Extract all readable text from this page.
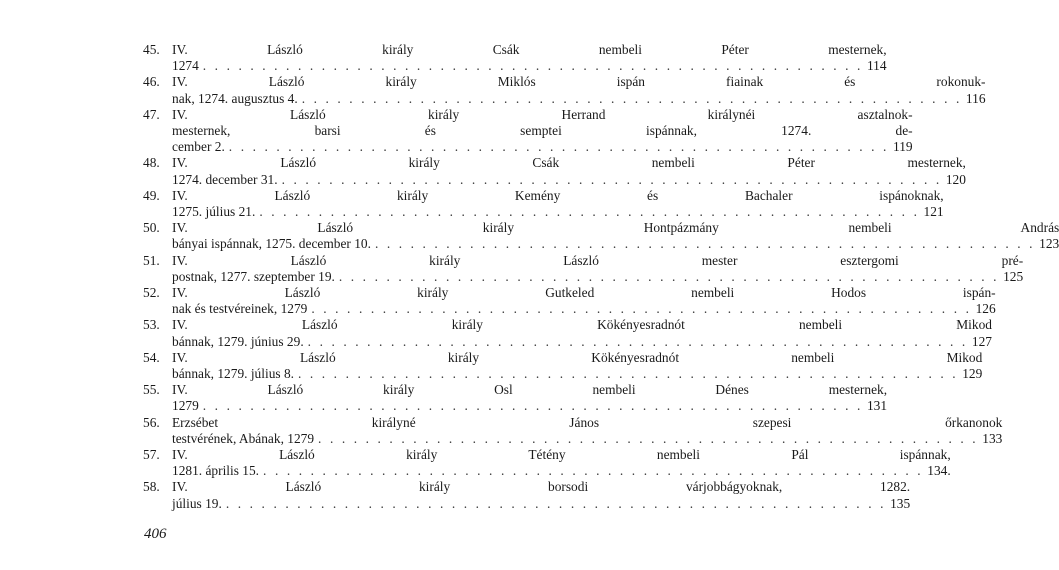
45. IV. László király Csák nembeli Péter mesternek,
1274 . . . . . . . . . . . . . . . . . . . . . . . . . . . . . . . . . . . . . . . . . . . . . . . . . . . . . . . . 114
46. IV. László király Miklós ispán fiainak és rokonuk-
nak, 1274. augusztus 4. . . . . . . . . . . . . . . . . . . . . . . . . . . . . . . . . . . . . . . . . . . . . . . . . . . . . . . . . 116
47. IV. László király Herrand királynéi asztalnok-
mesternek, barsi és semptei ispánnak, 1274. de-
cember 2. . . . . . . . . . . . . . . . . . . . . . . . . . . . . . . . . . . . . . . . . . . . . . . . . . . . . . . . . 119
48. IV. László király Csák nembeli Péter mesternek,
1274. december 31. . . . . . . . . . . . . . . . . . . . . . . . . . . . . . . . . . . . . . . . . . . . . . . . . . . . . . . . . 120
49. IV. László király Kemény és Bachaler ispánoknak,
1275. július 21. . . . . . . . . . . . . . . . . . . . . . . . . . . . . . . . . . . . . . . . . . . . . . . . . . . . . . . . . 121
50. IV. László király Hontpázmány nembeli András
bányai ispánnak, 1275. december 10. . . . . . . . . . . . . . . . . . . . . . . . . . . . . . . . . . . . . . . . . . . . . . . . . . . . . . . . . 123
51. IV. László király László mester esztergomi pré-
postnak, 1277. szeptember 19. . . . . . . . . . . . . . . . . . . . . . . . . . . . . . . . . . . . . . . . . . . . . . . . . . . . . . . . . 125
52. IV. László király Gutkeled nembeli Hodos ispán-
nak és testvéreinek, 1279 . . . . . . . . . . . . . . . . . . . . . . . . . . . . . . . . . . . . . . . . . . . . . . . . . . . . . . . . 126
53. IV. László király Kökényesradnót nembeli Mikod
bánnak, 1279. június 29. . . . . . . . . . . . . . . . . . . . . . . . . . . . . . . . . . . . . . . . . . . . . . . . . . . . . . . . . 127
54. IV. László király Kökényesradnót nembeli Mikod
bánnak, 1279. július 8. . . . . . . . . . . . . . . . . . . . . . . . . . . . . . . . . . . . . . . . . . . . . . . . . . . . . . . . . 129
55. IV. László király Osl nembeli Dénes mesternek,
1279 . . . . . . . . . . . . . . . . . . . . . . . . . . . . . . . . . . . . . . . . . . . . . . . . . . . . . . . . 131
56. Erzsébet királyné János szepesi őrkanonok
testvérének, Abának, 1279 . . . . . . . . . . . . . . . . . . . . . . . . . . . . . . . . . . . . . . . . . . . . . . . . . . . . . . . . 133
57. IV. László király Tétény nembeli Pál ispánnak,
1281. április 15. . . . . . . . . . . . . . . . . . . . . . . . . . . . . . . . . . . . . . . . . . . . . . . . . . . . . . . . . 134.
58. IV. László király borsodi várjobbágyoknak, 1282.
július 19. . . . . . . . . . . . . . . . . . . . . . . . . . . . . . . . . . . . . . . . . . . . . . . . . . . . . . . . . 135
406
